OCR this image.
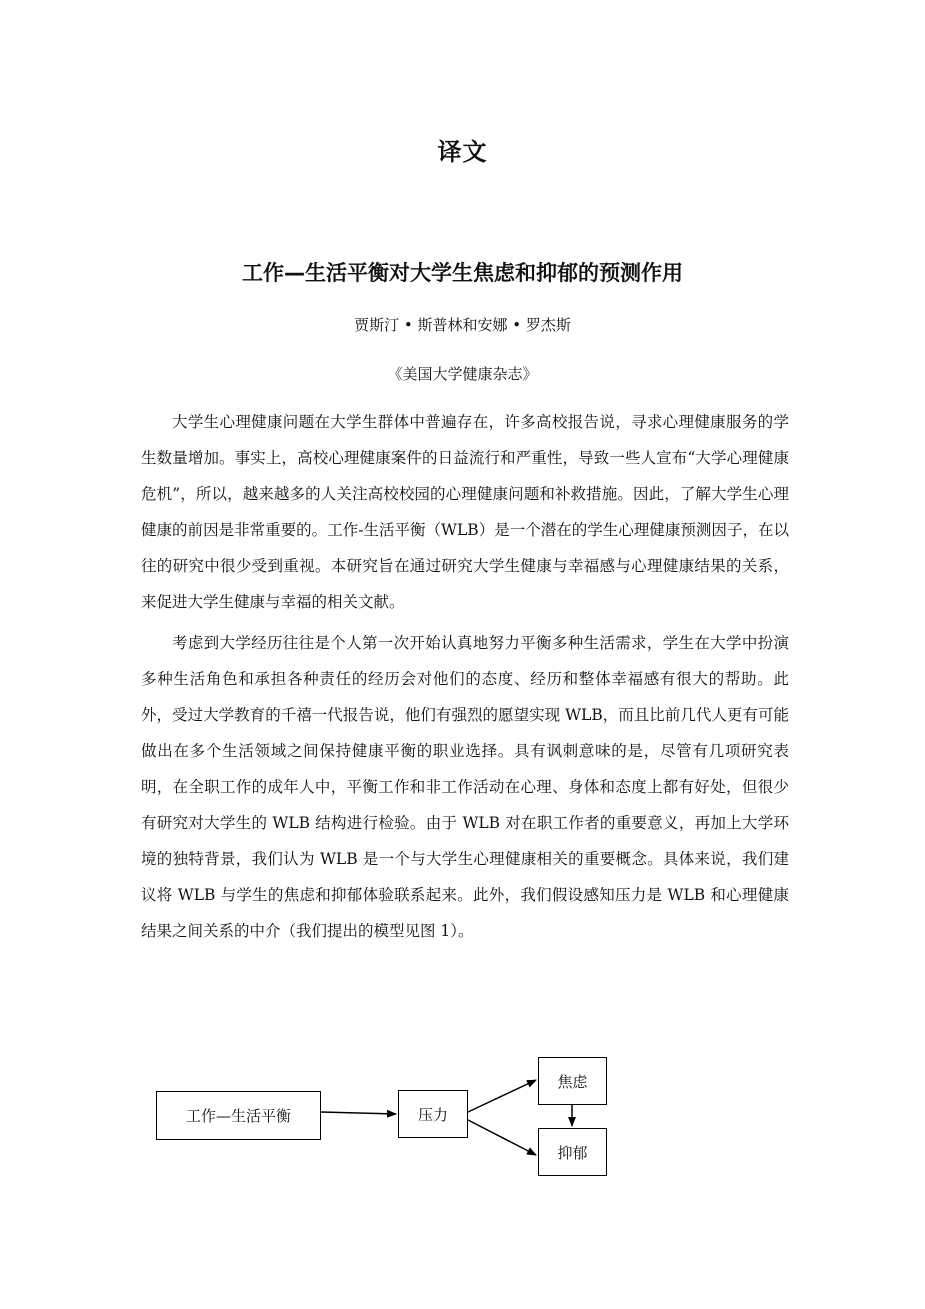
译文
工作—生活平衡对大学生焦虑和抑郁的预测作用
贾斯汀 • 斯普林和安娜 • 罗杰斯
《美国大学健康杂志》

大学生心理健康问题在大学生群体中普遍存在，许多高校报告说，寻求心理健康服务的学生数量增加。事实上，高校心理健康案件的日益流行和严重性，导致一些人宣布“大学心理健康危机”，所以，越来越多的人关注高校校园的心理健康问题和补救措施。因此，了解大学生心理健康的前因是非常重要的。工作-生活平衡（WLB）是一个潜在的学生心理健康预测因子，在以往的研究中很少受到重视。本研究旨在通过研究大学生健康与幸福感与心理健康结果的关系，来促进大学生健康与幸福的相关文献。

考虑到大学经历往往是个人第一次开始认真地努力平衡多种生活需求，学生在大学中扮演多种生活角色和承担各种责任的经历会对他们的态度、经历和整体幸福感有很大的帮助。此外，受过大学教育的千禧一代报告说，他们有强烈的愿望实现 WLB，而且比前几代人更有可能做出在多个生活领域之间保持健康平衡的职业选择。具有讽刺意味的是，尽管有几项研究表明，在全职工作的成年人中，平衡工作和非工作活动在心理、身体和态度上都有好处，但很少有研究对大学生的 WLB 结构进行检验。由于 WLB 对在职工作者的重要意义，再加上大学环境的独特背景，我们认为 WLB 是一个与大学生心理健康相关的重要概念。具体来说，我们建议将 WLB 与学生的焦虑和抑郁体验联系起来。此外，我们假设感知压力是 WLB 和心理健康结果之间关系的中介（我们提出的模型见图 1）。

工作—生活平衡	压力
焦虑
抑郁
